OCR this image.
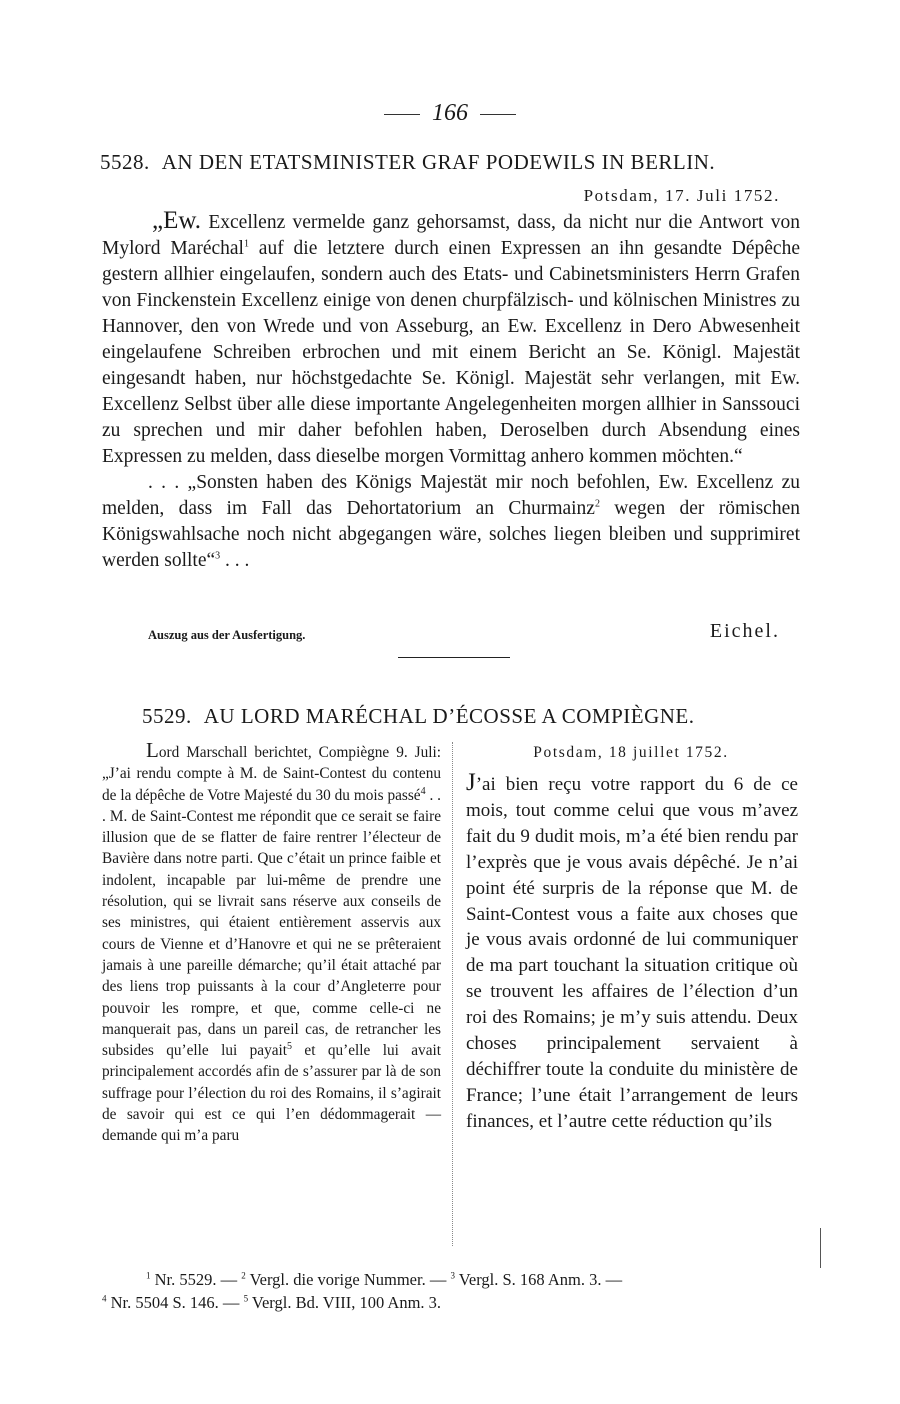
166
5528. AN DEN ETATSMINISTER GRAF PODEWILS IN BERLIN.
Potsdam, 17. Juli 1752.

„Ew. Excellenz vermelde ganz gehorsamst, dass, da nicht nur die Antwort von Mylord Maréchal$^1$ auf die letztere durch einen Expressen an ihn gesandte Dépêche gestern allhier eingelaufen, sondern auch des Etats- und Cabinetsministers Herrn Grafen von Finckenstein Excellenz einige von denen churpfälzisch- und kölnischen Ministres zu Hannover, den von Wrede und von Asseburg, an Ew. Excellenz in Dero Abwesenheit eingelaufene Schreiben erbrochen und mit einem Bericht an Se. Königl. Majestät eingesandt haben, nur höchstgedachte Se. Königl. Majestät sehr verlangen, mit Ew. Excellenz Selbst über alle diese importante Angelegenheiten morgen allhier in Sanssouci zu sprechen und mir daher befohlen haben, Deroselben durch Absendung eines Expressen zu melden, dass dieselbe morgen Vormittag anhero kommen möchten.“

. . . „Sonsten haben des Königs Majestät mir noch befohlen, Ew. Excellenz zu melden, dass im Fall das Dehortatorium an Churmainz$^2$ wegen der römischen Königswahlsache noch nicht abgegangen wäre, solches liegen bleiben und supprimiret werden sollte“$^3$ . . .

Auszug aus der Ausfertigung.	Eichel.
5529. AU LORD MARÉCHAL D’ÉCOSSE A COMPIÈGNE.

Lord Marschall berichtet, Compiègne 9. Juli: „J’ai rendu compte à M. de Saint-Contest du contenu de la dépêche de Votre Majesté du 30 du mois passé$^4$ . . . M. de Saint-Contest me répondit que ce serait se faire illusion que de se flatter de faire rentrer l’électeur de Bavière dans notre parti. Que c’était un prince faible et indolent, incapable par lui-même de prendre une résolution, qui se livrait sans réserve aux conseils de ses ministres, qui étaient entièrement asservis aux cours de Vienne et d’Hanovre et qui ne se prêteraient jamais à une pareille démarche; qu’il était attaché par des liens trop puissants à la cour d’Angleterre pour pouvoir les rompre, et que, comme celle-ci ne manquerait pas, dans un pareil cas, de retrancher les subsides qu’elle lui payait$^5$ et qu’elle lui avait principalement accordés afin de s’assurer par là de son suffrage pour l’élection du roi des Romains, il s’agirait de savoir qui est ce qui l’en dédommagerait — demande qui m’a paru

Potsdam, 18 juillet 1752.

J’ai bien reçu votre rapport du 6 de ce mois, tout comme celui que vous m’avez fait du 9 dudit mois, m’a été bien rendu par l’exprès que je vous avais dépêché. Je n’ai point été surpris de la réponse que M. de Saint-Contest vous a faite aux choses que je vous avais ordonné de lui communiquer de ma part touchant la situation critique où se trouvent les affaires de l’élection d’un roi des Romains; je m’y suis attendu. Deux choses principalement servaient à déchiffrer toute la conduite du ministère de France; l’une était l’arrangement de leurs finances, et l’autre cette réduction qu’ils

$^1$ Nr. 5529. — $^2$ Vergl. die vorige Nummer. — $^3$ Vergl. S. 168 Anm. 3. —
$^4$ Nr. 5504 S. 146. — $^5$ Vergl. Bd. VIII, 100 Anm. 3.
